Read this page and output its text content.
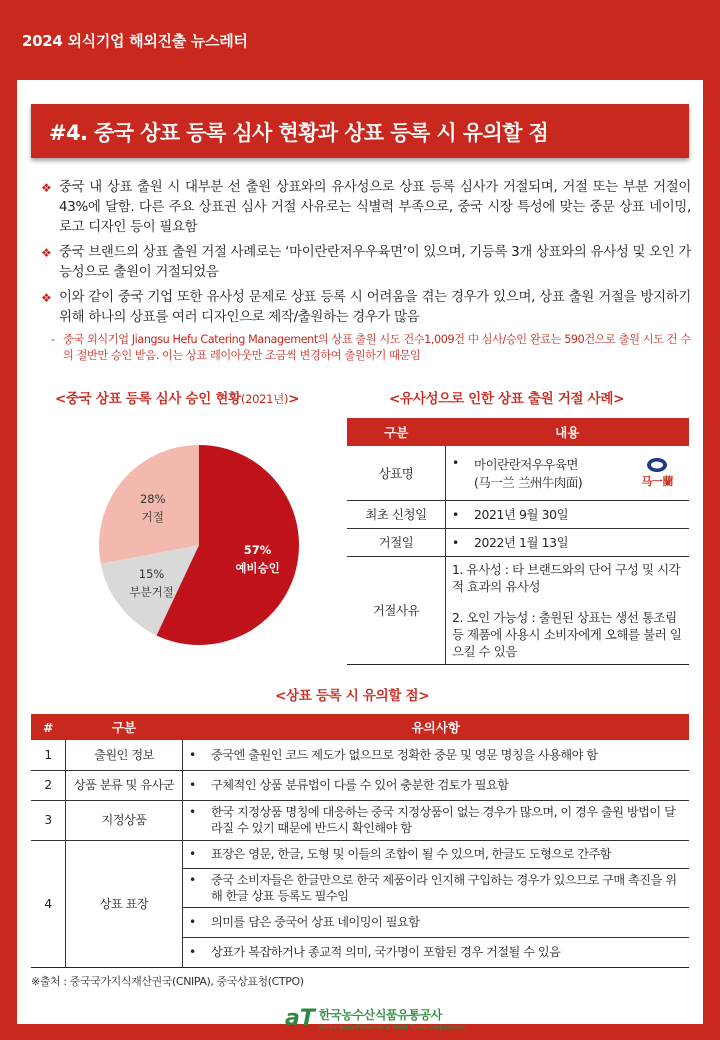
2024 외식기업 해외진출 뉴스레터
#4. 중국 상표 등록 심사 현황과 상표 등록 시 유의할 점
❖ 중국 내 상표 출원 시 대부분 선 출원 상표와의 유사성으로 상표 등록 심사가 거절되며, 거절 또는 부분 거절이 43%에 달함. 다른 주요 상표권 심사 거절 사유로는 식별력 부족으로, 중국 시장 특성에 맞는 중문 상표 네이밍, 로고 디자인 등이 필요함
❖ 중국 브랜드의 상표 출원 거절 사례로는 ‘마이란란저우우육면’이 있으며, 기등록 3개 상표와의 유사성 및 오인 가능성으로 출원이 거절되었음
❖ 이와 같이 중국 기업 또한 유사성 문제로 상표 등록 시 어려움을 겪는 경우가 있으며, 상표 출원 거절을 방지하기 위해 하나의 상표를 여러 디자인으로 제작/출원하는 경우가 많음
- 중국 외식기업 Jiangsu Hefu Catering Management의 상표 출원 시도 건수1,009건 中 심사/승인 완료는 590건으로 출원 시도 건 수의 절반만 승인 받음. 이는 상표 레이아웃만 조금씩 변경하여 출원하기 때문임
<중국 상표 등록 심사 승인 현황(2021년)>
57%
예비승인
15%
부분거절
28%
거절
<유사성으로 인한 상표 출원 거절 사례>
구분	내용
상표명	• 마이란란저우우육면
(马一兰 兰州牛肉面) 马一蘭

최초 신청일	• 2021년 9월 30일
거절일	• 2022년 1월 13일
거절사유	1. 유사성 : 타 브랜드와의 단어 구성 및 시각적 효과의 유사성
2. 오인 가능성 : 출원된 상표는 생선 통조림 등 제품에 사용시 소비자에게 오해를 불러 일으킬 수 있음
<상표 등록 시 유의할 점>
#	구분	유의사항
1	출원인 정보	• 중국엔 출원인 코드 제도가 없으므로 정확한 중문 및 영문 명칭을 사용해야 함

2	상품 분류 및 유사군	• 구체적인 상품 분류법이 다를 수 있어 충분한 검토가 필요함

3	지정상품	• 한국 지정상품 명칭에 대응하는 중국 지정상품이 없는 경우가 많으며, 이 경우 출원 방법이 달라질 수 있기 때문에 반드시 확인해야 함

4	상표 표장	• 표장은 영문, 한글, 도형 및 이들의 조합이 될 수 있으며, 한글도 도형으로 간주함

		• 중국 소비자들은 한글만으로 한국 제품이라 인지해 구입하는 경우가 있으므로 구매 촉진을 위해 한글 상표 등록도 필수임

		• 의미를 담은 중국어 상표 네이밍이 필요함

		• 상표가 복잡하거나 종교적 의미, 국가명이 포함된 경우 거절될 수 있음
※출처 : 중국국가지식재산권국(CNIPA), 중국상표청(CTPO)
aT 한국농수산식품유통공사
Korea Agro-Fisheries & Food Trade Corporation
